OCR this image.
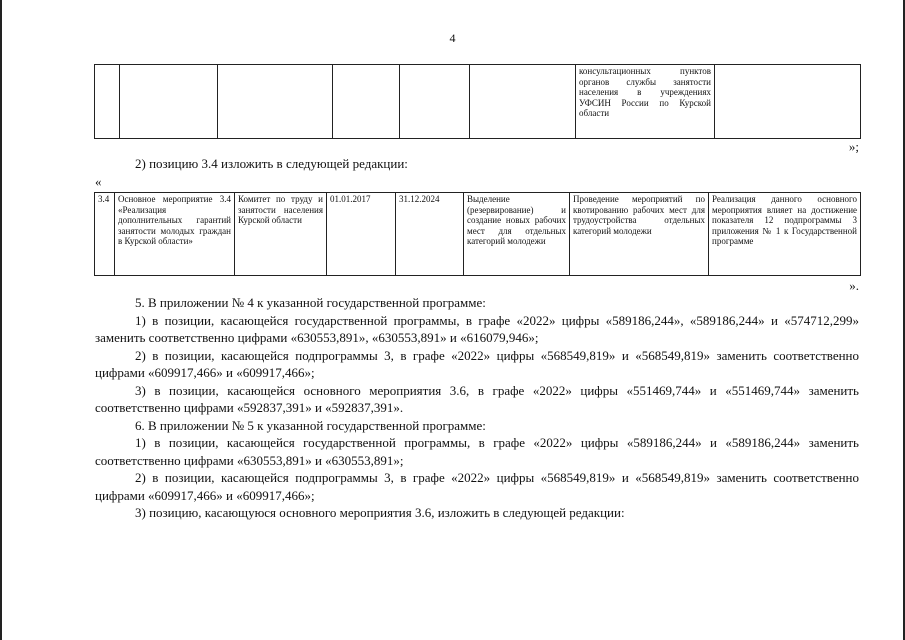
4
						консультационных пунктов органов службы занятости населения в учреждениях УФСИН России по Курской области	
»;
2) позицию 3.4 изложить в следующей редакции:
«
3.4	Основное мероприятие 3.4 «Реализация дополнительных гарантий занятости молодых граждан в Курской области»	Комитет по труду и занятости населения Курской области	01.01.2017	31.12.2024	Выделение (резервирование) и создание новых рабочих мест для отдельных категорий молодежи	Проведение мероприятий по квотированию рабочих мест для трудоустройства отдельных категорий молодежи	Реализация данного основного мероприятия влияет на достижение показателя 12 подпрограммы 3 приложения № 1 к Государственной программе
».

5. В приложении № 4 к указанной государственной программе:

1) в позиции, касающейся государственной программы, в графе «2022» цифры «589186,244», «589186,244» и «574712,299» заменить соответственно цифрами «630553,891», «630553,891» и «616079,946»;

2) в позиции, касающейся подпрограммы 3, в графе «2022» цифры «568549,819» и «568549,819» заменить соответственно цифрами «609917,466» и «609917,466»;

3) в позиции, касающейся основного мероприятия 3.6, в графе «2022» цифры «551469,744» и «551469,744» заменить соответственно цифрами «592837,391» и «592837,391».

6. В приложении № 5 к указанной государственной программе:

1) в позиции, касающейся государственной программы, в графе «2022» цифры «589186,244» и «589186,244» заменить соответственно цифрами «630553,891» и «630553,891»;

2) в позиции, касающейся подпрограммы 3, в графе «2022» цифры «568549,819» и «568549,819» заменить соответственно цифрами «609917,466» и «609917,466»;

3) позицию, касающуюся основного мероприятия 3.6, изложить в следующей редакции:
